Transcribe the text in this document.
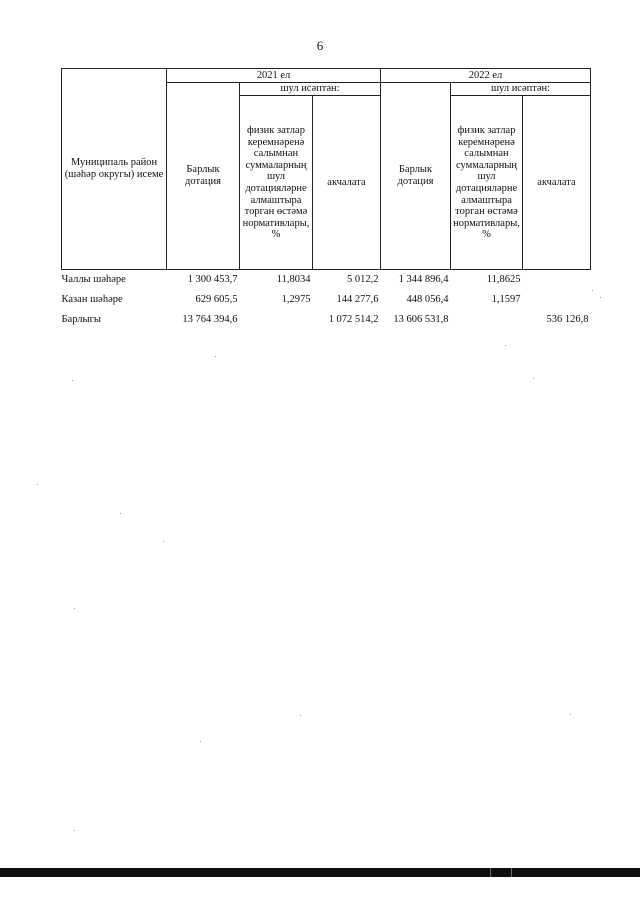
6
Муниципаль район (шәһәр округы) исеме	2021 ел			2022 ел		
	Барлык дотация	шул исәптән:		Барлык дотация	шул исәптән:	
		физик затлар керемнәренә салымнан суммаларның шул дотацияләрне алмаштыра торган өстәмә нормативлары, %	акчалата		физик затлар керемнәренә салымнан суммаларның шул дотацияләрне алмаштыра торган өстәмә нормативлары, %	акчалата
Чаллы шәһәре	1 300 453,7	11,8034	5 012,2	1 344 896,4	11,8625	
Казан шәһәре	629 605,5	1,2975	144 277,6	448 056,4	1,1597	
Барлыгы	13 764 394,6		1 072 514,2	13 606 531,8		536 126,8
